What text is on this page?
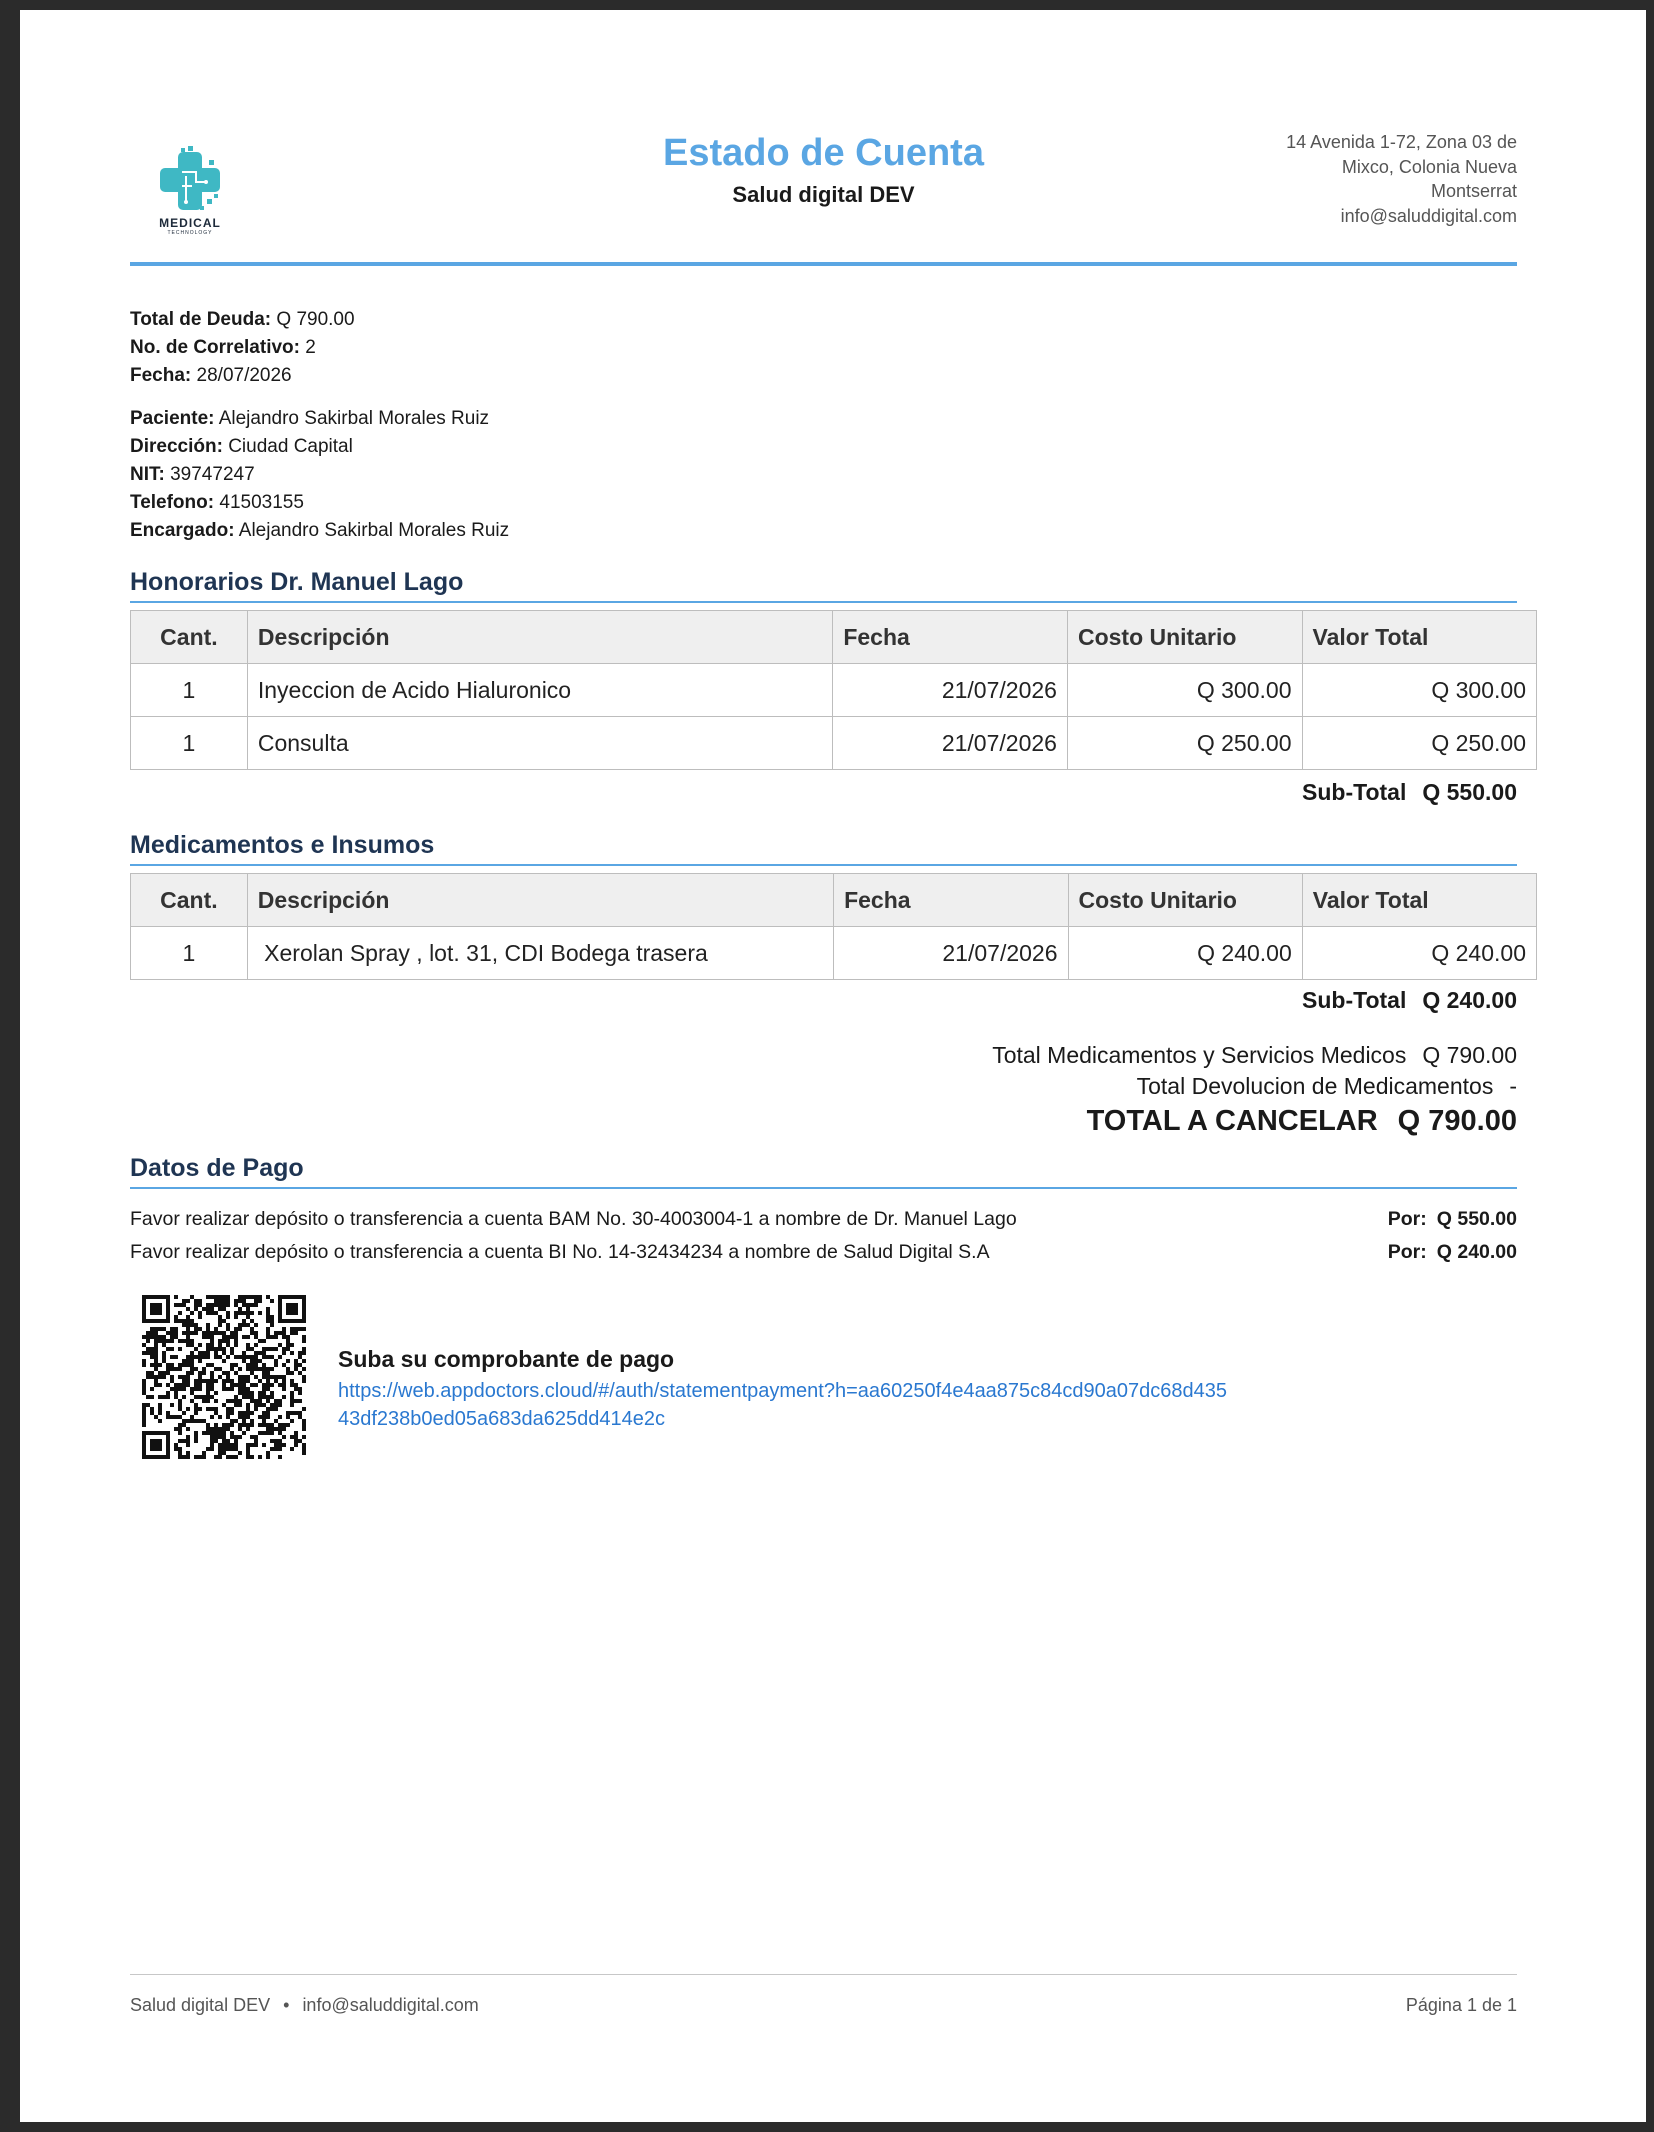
MEDICAL
TECHNOLOGY
Estado de Cuenta
Salud digital DEV
14 Avenida 1-72, Zona 03 de
Mixco, Colonia Nueva
Montserrat
info@saluddigital.com
Total de Deuda: Q 790.00
No. de Correlativo: 2
Fecha: 28/07/2026
Paciente: Alejandro Sakirbal Morales Ruiz
Dirección: Ciudad Capital
NIT: 39747247
Telefono: 41503155
Encargado: Alejandro Sakirbal Morales Ruiz
Honorarios Dr. Manuel Lago
Cant.	Descripción	Fecha	Costo Unitario	Valor Total
1	Inyeccion de Acido Hialuronico	21/07/2026	Q 300.00	Q 300.00
1	Consulta	21/07/2026	Q 250.00	Q 250.00
Sub-Total Q 550.00
Medicamentos e Insumos
Cant.	Descripción	Fecha	Costo Unitario	Valor Total
1	Xerolan Spray , lot. 31, CDI Bodega trasera	21/07/2026	Q 240.00	Q 240.00
Sub-Total Q 240.00
Total Medicamentos y Servicios Medicos Q 790.00
Total Devolucion de Medicamentos -
TOTAL A CANCELAR Q 790.00
Datos de Pago
Favor realizar depósito o transferencia a cuenta BAM No. 30-4003004-1 a nombre de Dr. Manuel Lago	Por: Q 550.00
Favor realizar depósito o transferencia a cuenta BI No. 14-32434234 a nombre de Salud Digital S.A	Por: Q 240.00
Suba su comprobante de pago
https://web.appdoctors.cloud/#/auth/statementpayment?h=aa60250f4e4aa875c84cd90a07dc68d43543df238b0ed05a683da625dd414e2c
Salud digital DEV • info@saluddigital.com	Página 1 de 1
